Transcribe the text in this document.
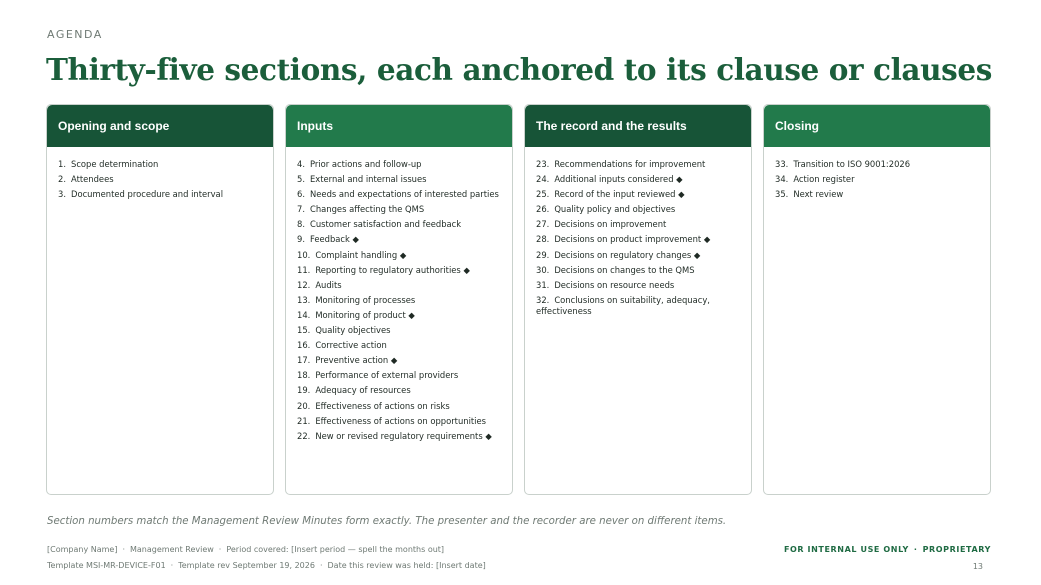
AGENDA
Thirty-five sections, each anchored to its clause or clauses
Opening and scope
1. Scope determination
2. Attendees
3. Documented procedure and interval
Inputs
4. Prior actions and follow-up
5. External and internal issues
6. Needs and expectations of interested parties
7. Changes affecting the QMS
8. Customer satisfaction and feedback
9. Feedback ◆
10. Complaint handling ◆
11. Reporting to regulatory authorities ◆
12. Audits
13. Monitoring of processes
14. Monitoring of product ◆
15. Quality objectives
16. Corrective action
17. Preventive action ◆
18. Performance of external providers
19. Adequacy of resources
20. Effectiveness of actions on risks
21. Effectiveness of actions on opportunities
22. New or revised regulatory requirements ◆
The record and the results
23. Recommendations for improvement
24. Additional inputs considered ◆
25. Record of the input reviewed ◆
26. Quality policy and objectives
27. Decisions on improvement
28. Decisions on product improvement ◆
29. Decisions on regulatory changes ◆
30. Decisions on changes to the QMS
31. Decisions on resource needs
32. Conclusions on suitability, adequacy, effectiveness
Closing
33. Transition to ISO 9001:2026
34. Action register
35. Next review

Section numbers match the Management Review Minutes form exactly. The presenter and the recorder are never on different items.

[Company Name] · Management Review · Period covered: [Insert period — spell the months out]
Template MSI-MR-DEVICE-F01 · Template rev September 19, 2026 · Date this review was held: [Insert date]
FOR INTERNAL USE ONLY · PROPRIETARY
13
